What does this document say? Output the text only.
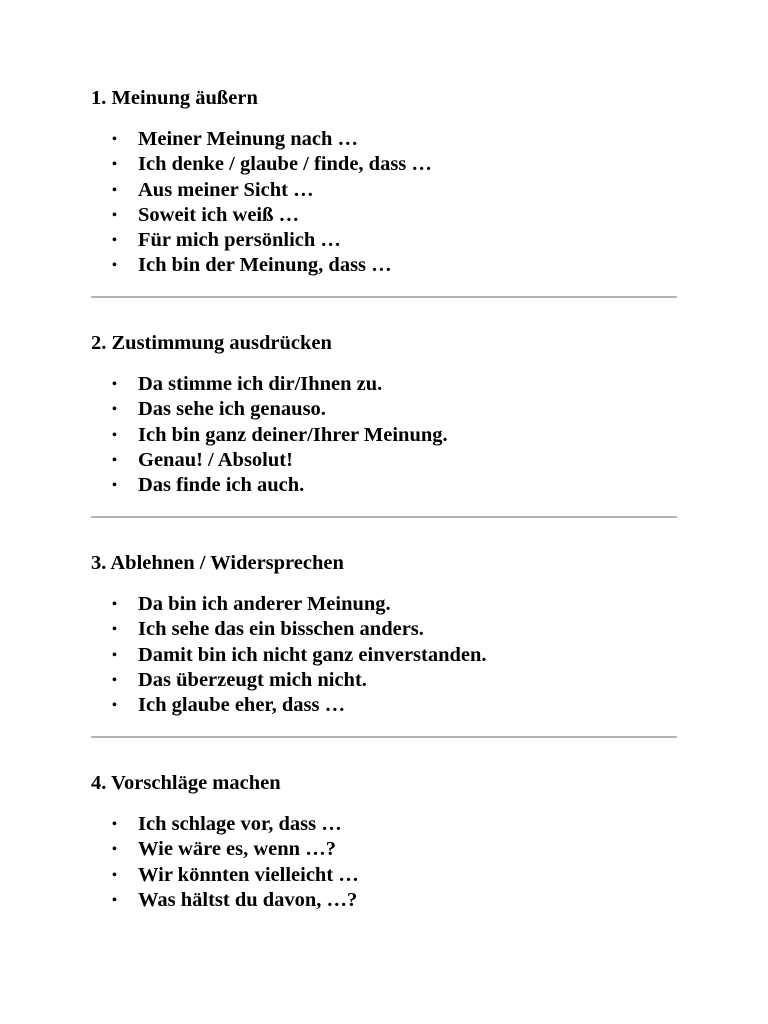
1. Meinung äußern
• Meiner Meinung nach …
• Ich denke / glaube / finde, dass …
• Aus meiner Sicht …
• Soweit ich weiß …
• Für mich persönlich …
• Ich bin der Meinung, dass …
2. Zustimmung ausdrücken
• Da stimme ich dir/Ihnen zu.
• Das sehe ich genauso.
• Ich bin ganz deiner/Ihrer Meinung.
• Genau! / Absolut!
• Das finde ich auch.
3. Ablehnen / Widersprechen
• Da bin ich anderer Meinung.
• Ich sehe das ein bisschen anders.
• Damit bin ich nicht ganz einverstanden.
• Das überzeugt mich nicht.
• Ich glaube eher, dass …
4. Vorschläge machen
• Ich schlage vor, dass …
• Wie wäre es, wenn …?
• Wir könnten vielleicht …
• Was hältst du davon, …?
